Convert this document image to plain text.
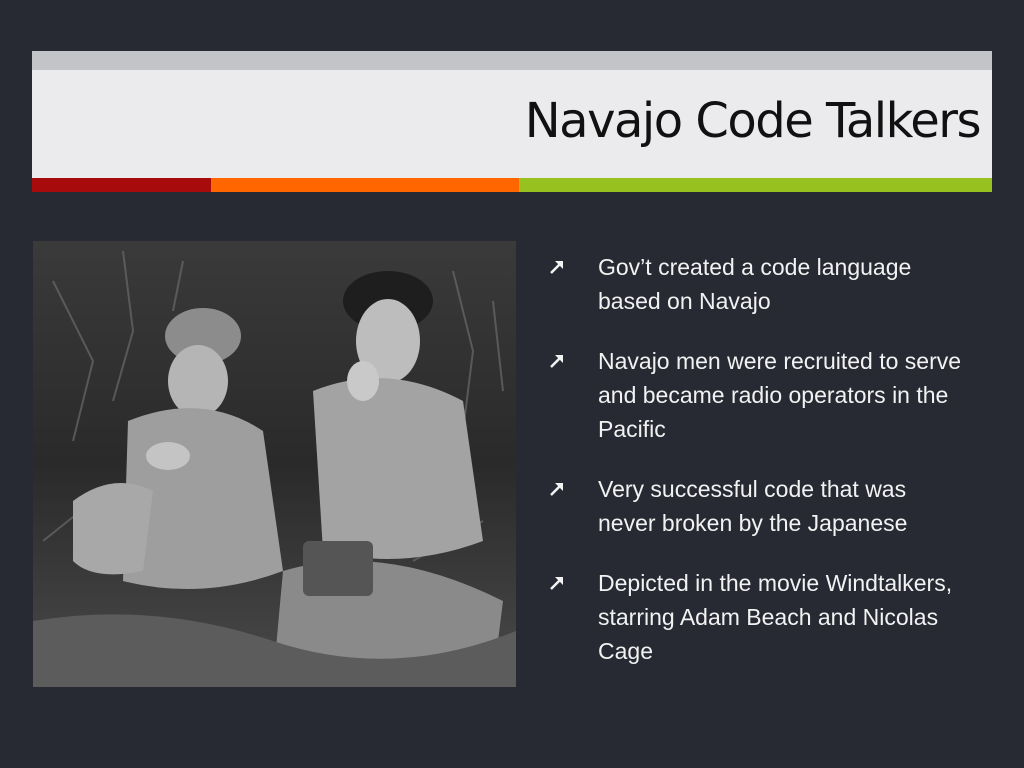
Navajo Code Talkers
Gov’t created a code language based on Navajo
Navajo men were recruited to serve and became radio operators in the Pacific
Very successful code that was never broken by the Japanese
Depicted in the movie Windtalkers, starring Adam Beach and Nicolas Cage
